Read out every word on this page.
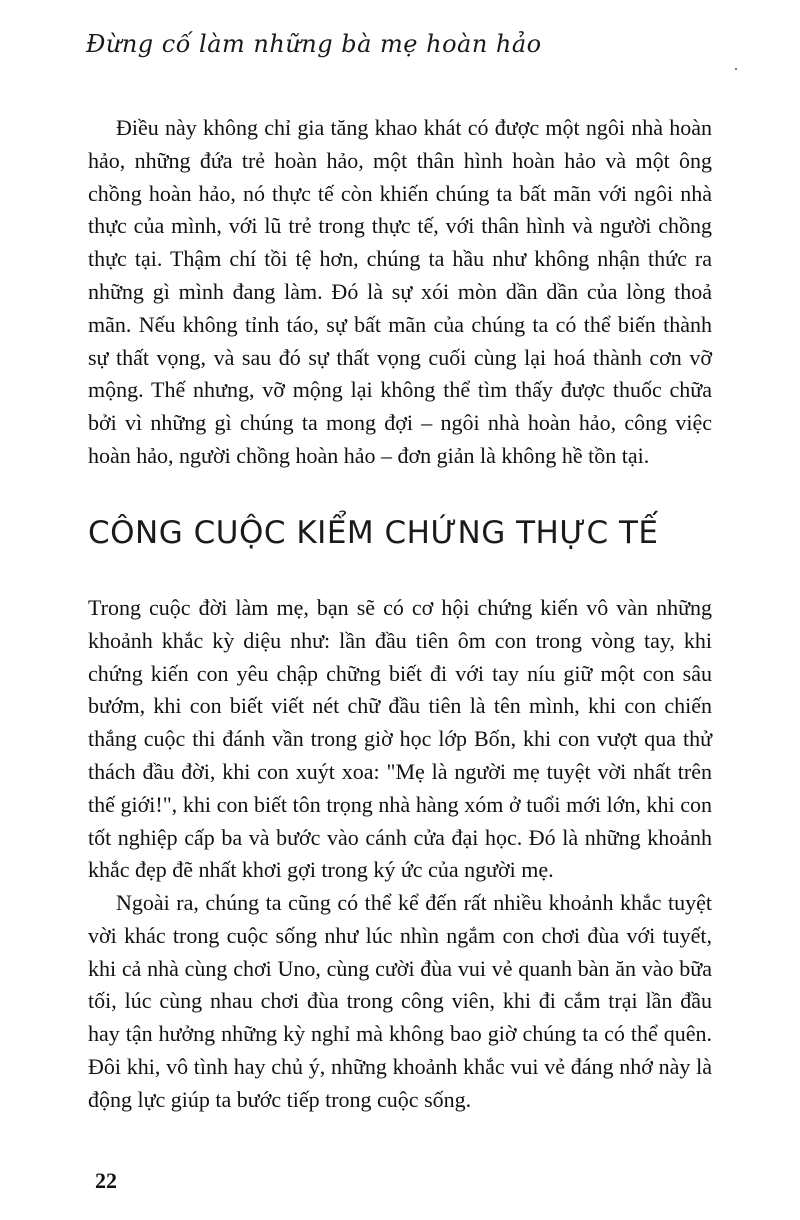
Đừng cố làm những bà mẹ hoàn hảo

Điều này không chỉ gia tăng khao khát có được một ngôi nhà hoàn hảo, những đứa trẻ hoàn hảo, một thân hình hoàn hảo và một ông chồng hoàn hảo, nó thực tế còn khiến chúng ta bất mãn với ngôi nhà thực của mình, với lũ trẻ trong thực tế, với thân hình và người chồng thực tại. Thậm chí tồi tệ hơn, chúng ta hầu như không nhận thức ra những gì mình đang làm. Đó là sự xói mòn dần dần của lòng thoả mãn. Nếu không tỉnh táo, sự bất mãn của chúng ta có thể biến thành sự thất vọng, và sau đó sự thất vọng cuối cùng lại hoá thành cơn vỡ mộng. Thế nhưng, vỡ mộng lại không thể tìm thấy được thuốc chữa bởi vì những gì chúng ta mong đợi – ngôi nhà hoàn hảo, công việc hoàn hảo, người chồng hoàn hảo – đơn giản là không hề tồn tại.

CÔNG CUỘC KIỂM CHỨNG THỰC TẾ

Trong cuộc đời làm mẹ, bạn sẽ có cơ hội chứng kiến vô vàn những khoảnh khắc kỳ diệu như: lần đầu tiên ôm con trong vòng tay, khi chứng kiến con yêu chập chững biết đi với tay níu giữ một con sâu bướm, khi con biết viết nét chữ đầu tiên là tên mình, khi con chiến thắng cuộc thi đánh vần trong giờ học lớp Bốn, khi con vượt qua thử thách đầu đời, khi con xuýt xoa: "Mẹ là người mẹ tuyệt vời nhất trên thế giới!", khi con biết tôn trọng nhà hàng xóm ở tuổi mới lớn, khi con tốt nghiệp cấp ba và bước vào cánh cửa đại học. Đó là những khoảnh khắc đẹp đẽ nhất khơi gợi trong ký ức của người mẹ.

Ngoài ra, chúng ta cũng có thể kể đến rất nhiều khoảnh khắc tuyệt vời khác trong cuộc sống như lúc nhìn ngắm con chơi đùa với tuyết, khi cả nhà cùng chơi Uno, cùng cười đùa vui vẻ quanh bàn ăn vào bữa tối, lúc cùng nhau chơi đùa trong công viên, khi đi cắm trại lần đầu hay tận hưởng những kỳ nghỉ mà không bao giờ chúng ta có thể quên. Đôi khi, vô tình hay chủ ý, những khoảnh khắc vui vẻ đáng nhớ này là động lực giúp ta bước tiếp trong cuộc sống.

22
